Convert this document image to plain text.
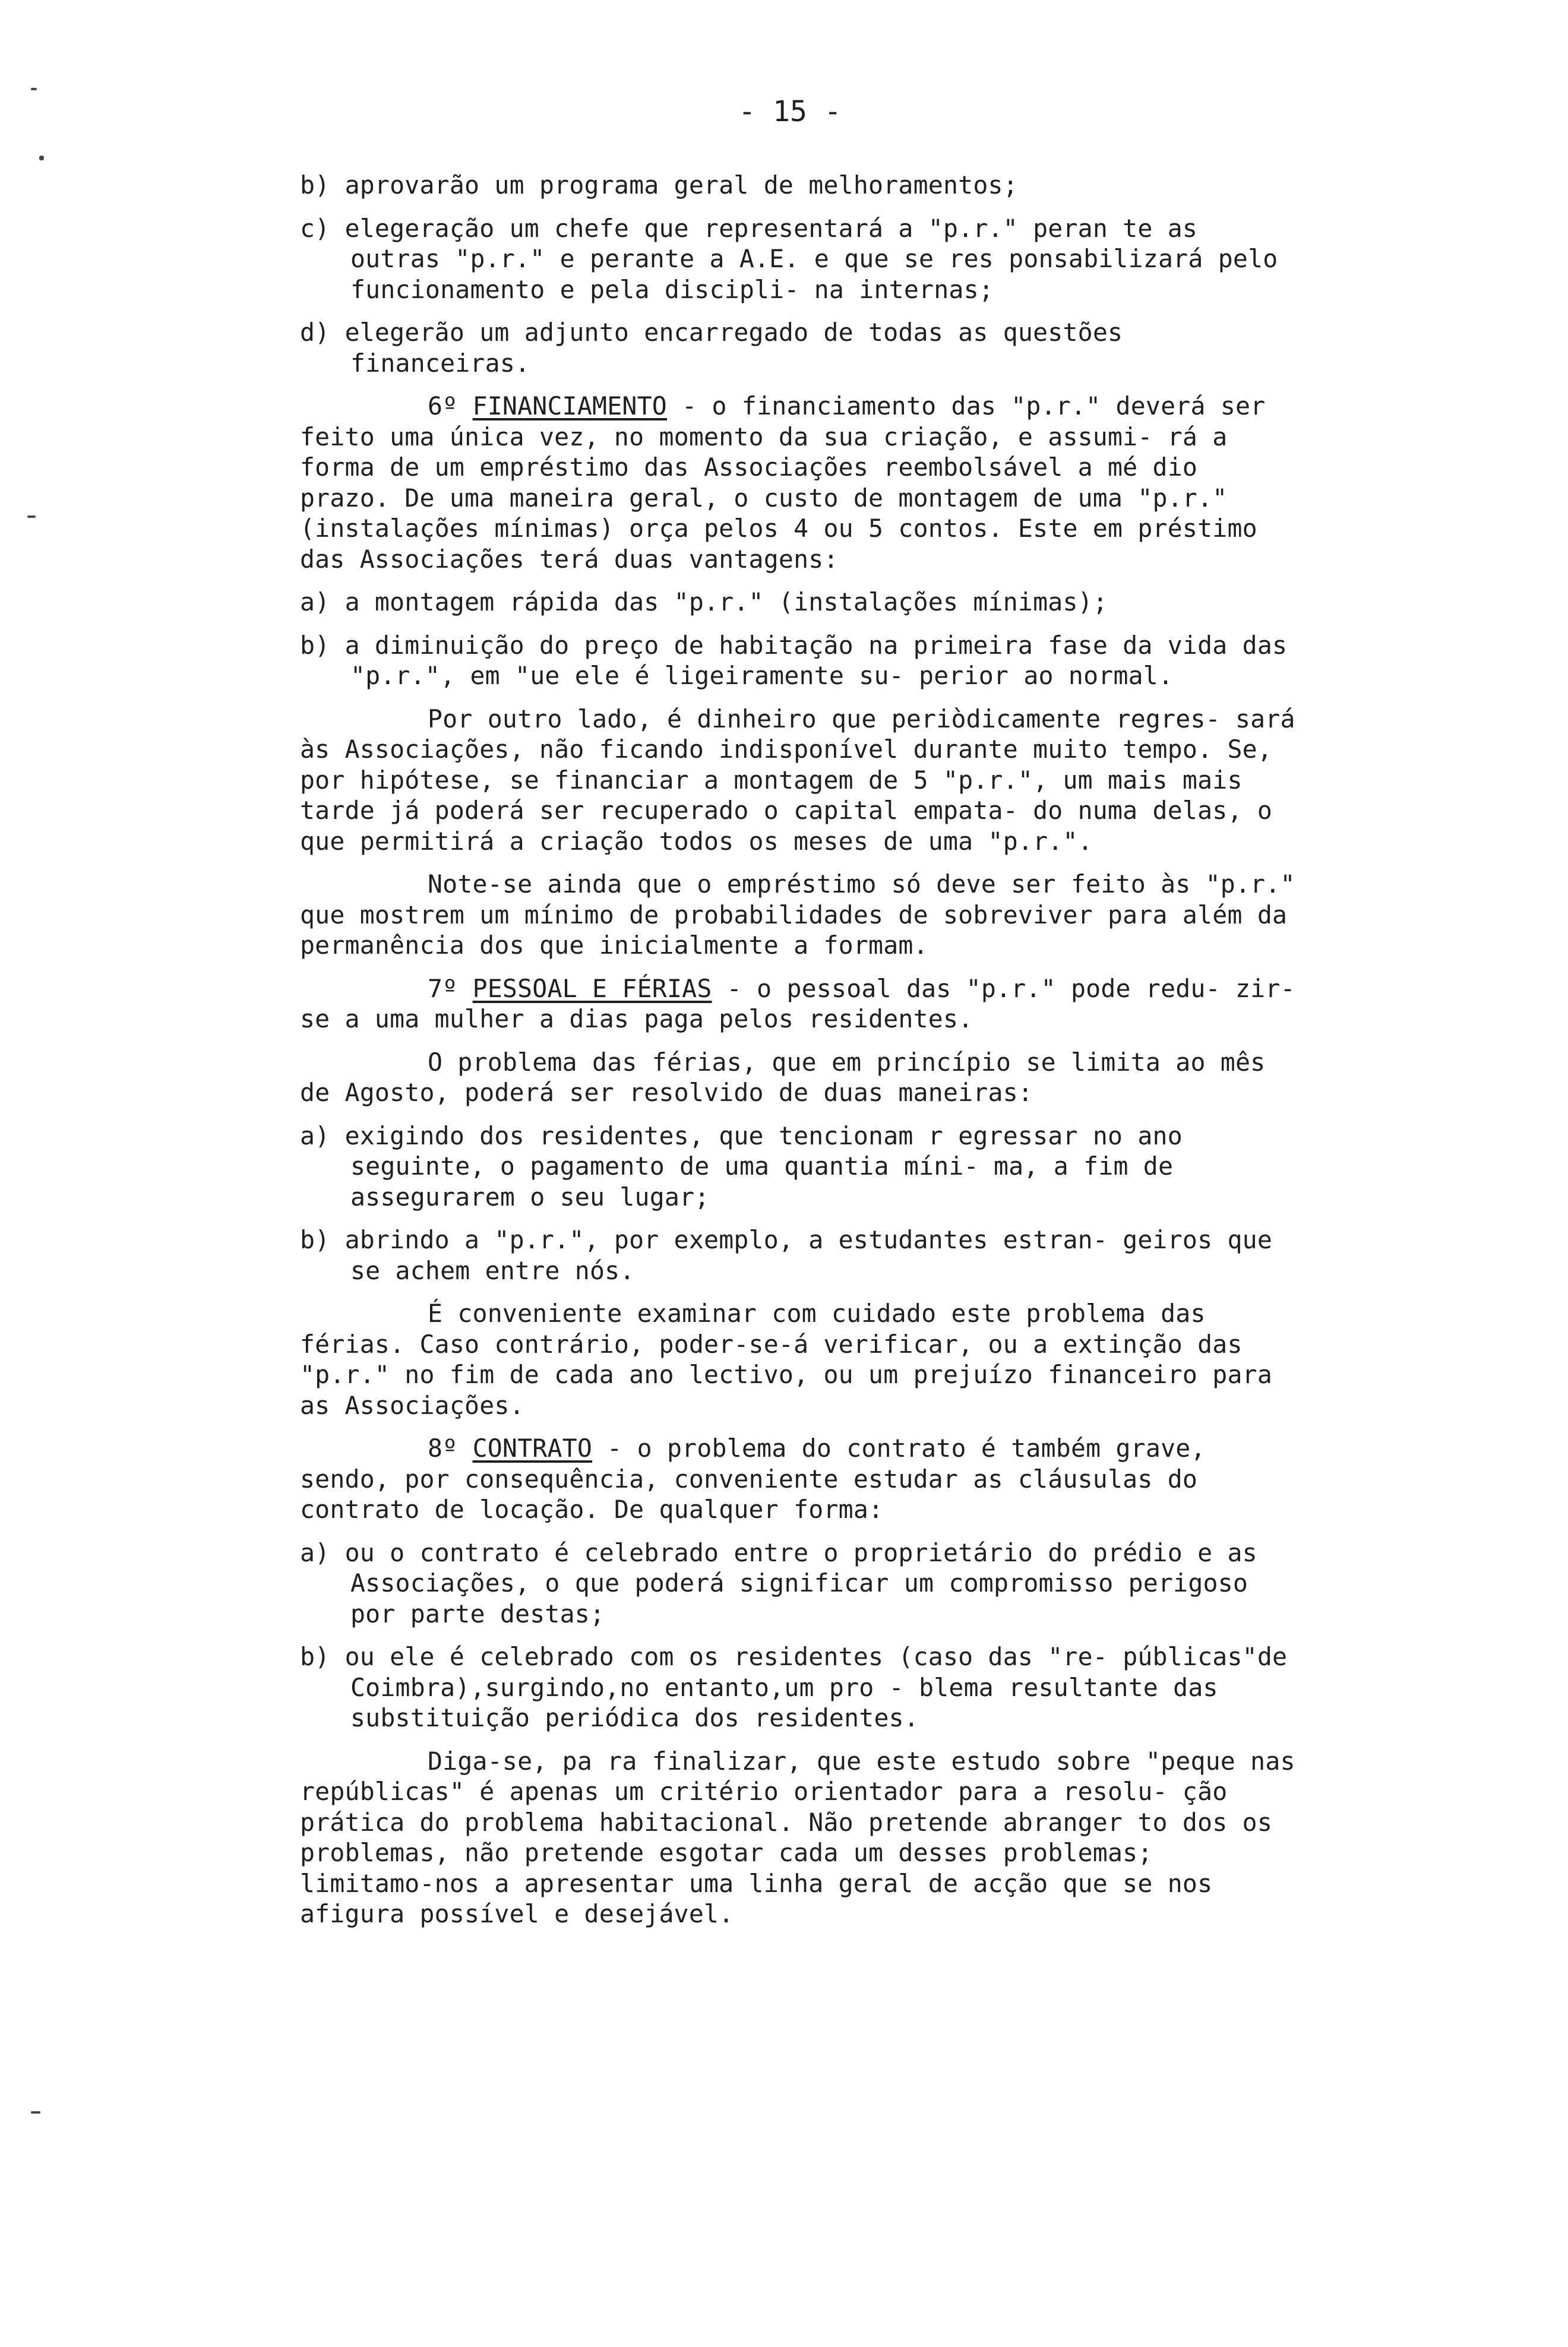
- 15 -

b) aprovarão um programa geral de melhoramentos;

c) elegeração um chefe que representará a "p.r." peran te as outras "p.r." e perante a A.E. e que se res ponsabilizará pelo funcionamento e pela discipli- na internas;

d) elegerão um adjunto encarregado de todas as questões financeiras.

6º FINANCIAMENTO - o financiamento das "p.r." deverá ser feito uma única vez, no momento da sua criação, e assumi- rá a forma de um empréstimo das Associações reembolsável a mé dio prazo. De uma maneira geral, o custo de montagem de uma "p.r." (instalações mínimas) orça pelos 4 ou 5 contos. Este em préstimo das Associações terá duas vantagens:

a) a montagem rápida das "p.r." (instalações mínimas);

b) a diminuição do preço de habitação na primeira fase da vida das "p.r.", em "ue ele é ligeiramente su- perior ao normal.

Por outro lado, é dinheiro que periòdicamente regres- sará às Associações, não ficando indisponível durante muito tempo. Se, por hipótese, se financiar a montagem de 5 "p.r.", um mais mais tarde já poderá ser recuperado o capital empata- do numa delas, o que permitirá a criação todos os meses de uma "p.r.".

Note-se ainda que o empréstimo só deve ser feito às "p.r." que mostrem um mínimo de probabilidades de sobreviver para além da permanência dos que inicialmente a formam.

7º PESSOAL E FÉRIAS - o pessoal das "p.r." pode redu- zir-se a uma mulher a dias paga pelos residentes.

O problema das férias, que em princípio se limita ao mês de Agosto, poderá ser resolvido de duas maneiras:

a) exigindo dos residentes, que tencionam r egressar no ano seguinte, o pagamento de uma quantia míni- ma, a fim de assegurarem o seu lugar;

b) abrindo a "p.r.", por exemplo, a estudantes estran- geiros que se achem entre nós.

É conveniente examinar com cuidado este problema das férias. Caso contrário, poder-se-á verificar, ou a extinção das "p.r." no fim de cada ano lectivo, ou um prejuízo financeiro para as Associações.

8º CONTRATO - o problema do contrato é também grave, sendo, por consequência, conveniente estudar as cláusulas do contrato de locação. De qualquer forma:

a) ou o contrato é celebrado entre o proprietário do prédio e as Associações, o que poderá significar um compromisso perigoso por parte destas;

b) ou ele é celebrado com os residentes (caso das "re- públicas"de Coimbra),surgindo,no entanto,um pro - blema resultante das substituição periódica dos residentes.

Diga-se, pa ra finalizar, que este estudo sobre "peque nas repúblicas" é apenas um critério orientador para a resolu- ção prática do problema habitacional. Não pretende abranger to dos os problemas, não pretende esgotar cada um desses problemas; limitamo-nos a apresentar uma linha geral de acção que se nos afigura possível e desejável.
